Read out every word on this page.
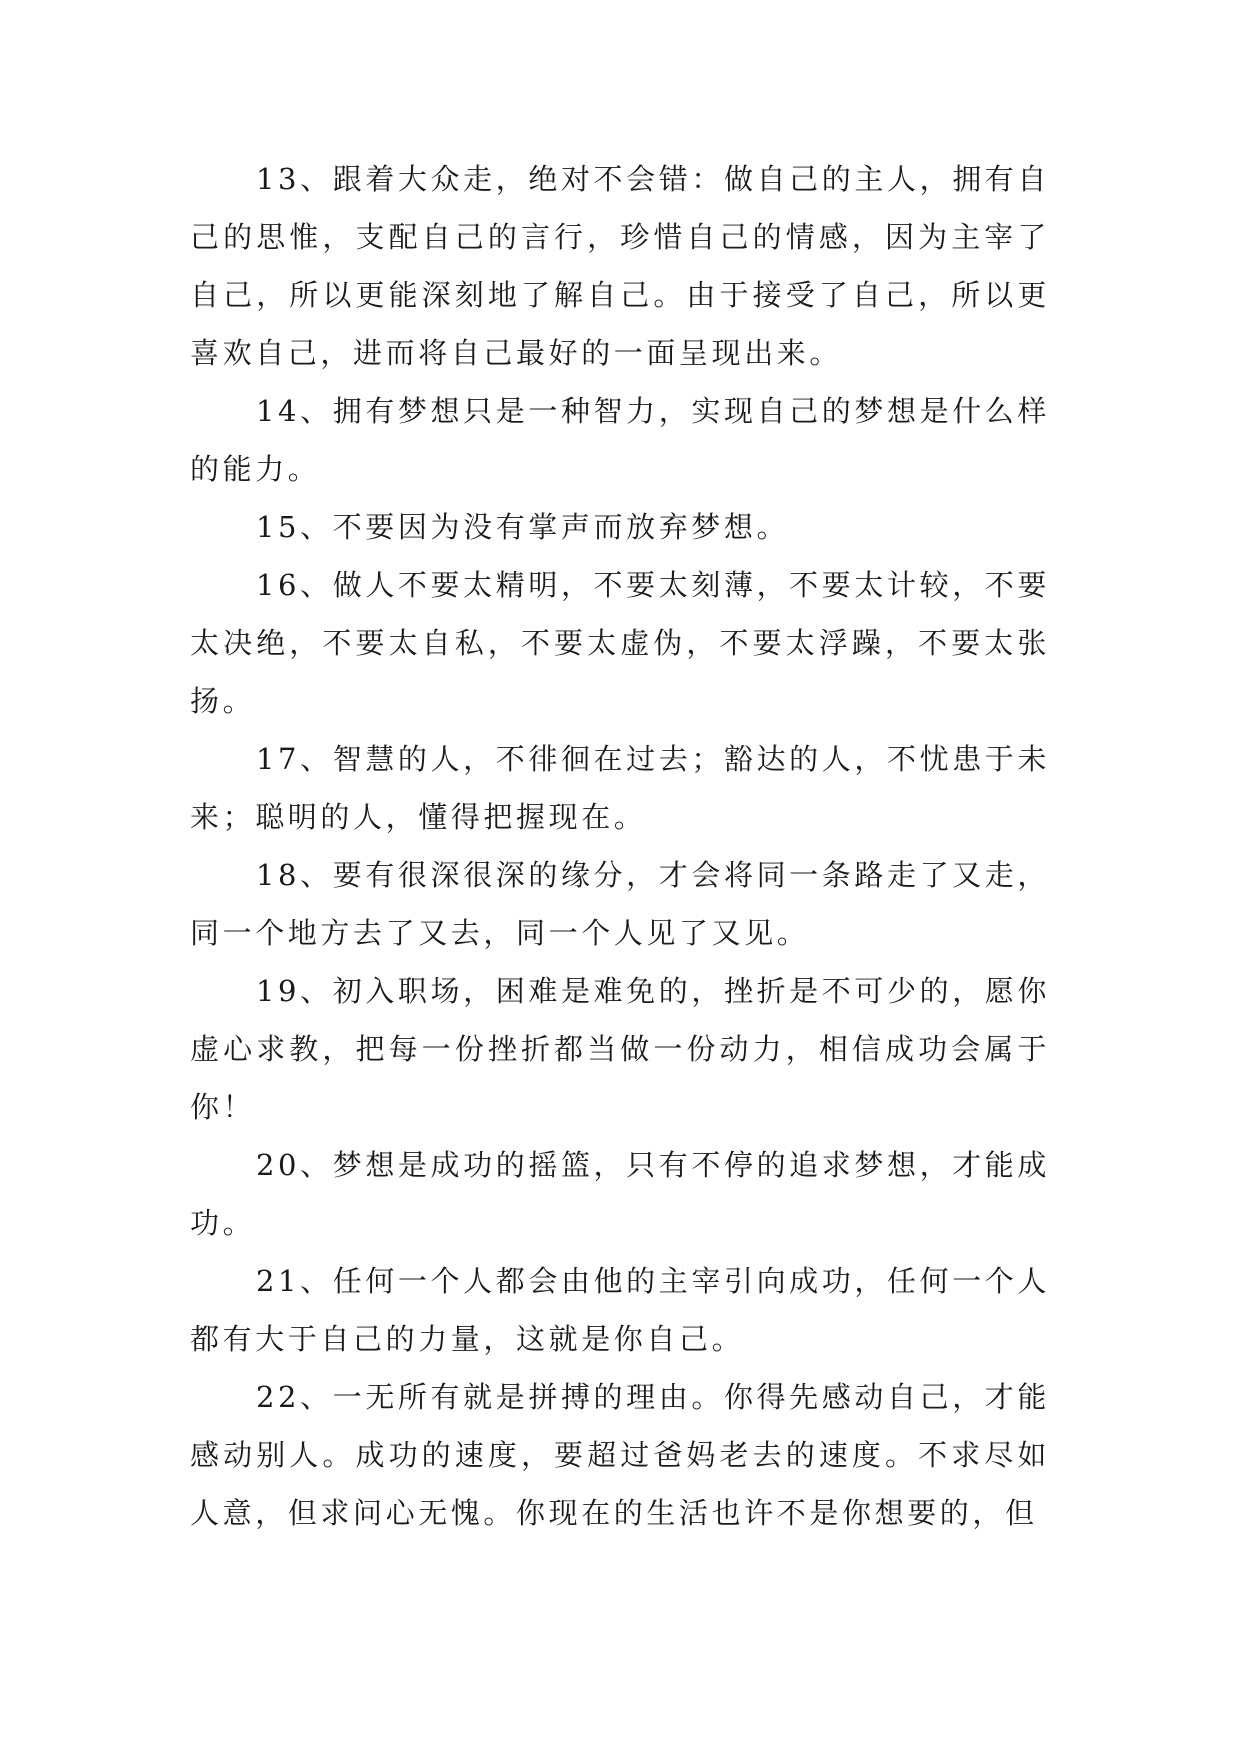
13、跟着大众走，绝对不会错：做自己的主人，拥有自己的思惟，支配自己的言行，珍惜自己的情感，因为主宰了自己，所以更能深刻地了解自己。由于接受了自己，所以更喜欢自己，进而将自己最好的一面呈现出来。

14、拥有梦想只是一种智力，实现自己的梦想是什么样的能力。

15、不要因为没有掌声而放弃梦想。

16、做人不要太精明，不要太刻薄，不要太计较，不要太决绝，不要太自私，不要太虚伪，不要太浮躁，不要太张扬。

17、智慧的人，不徘徊在过去；豁达的人，不忧患于未来；聪明的人，懂得把握现在。

18、要有很深很深的缘分，才会将同一条路走了又走，同一个地方去了又去，同一个人见了又见。

19、初入职场，困难是难免的，挫折是不可少的，愿你虚心求教，把每一份挫折都当做一份动力，相信成功会属于你！

20、梦想是成功的摇篮，只有不停的追求梦想，才能成功。

21、任何一个人都会由他的主宰引向成功，任何一个人都有大于自己的力量，这就是你自己。

22、一无所有就是拼搏的理由。你得先感动自己，才能感动别人。成功的速度，要超过爸妈老去的速度。不求尽如人意，但求问心无愧。你现在的生活也许不是你想要的，但
